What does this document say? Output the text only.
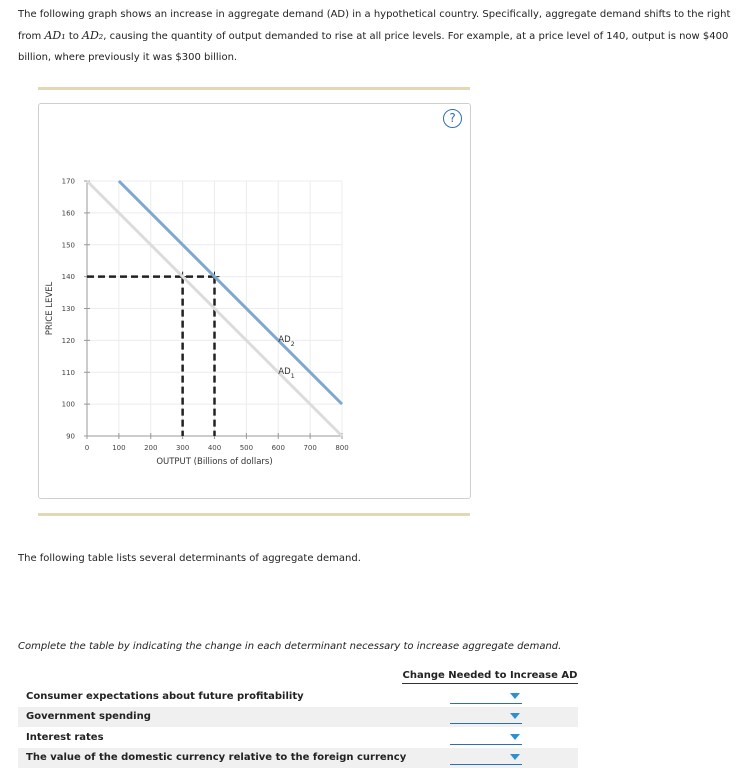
The following graph shows an increase in aggregate demand (AD) in a hypothetical country. Specifically, aggregate demand shifts to the right from AD₁ to AD₂, causing the quantity of output demanded to rise at all price levels. For example, at a price level of 140, output is now $400 billion, where previously it was $300 billion.
?
90
100
110
120
130
140
150
160
170
0	100	200	300	400	500	600	700	800
PRICE LEVEL
OUTPUT (Billions of dollars)
$AD_2$
$AD_1$
The following table lists several determinants of aggregate demand.
Complete the table by indicating the change in each determinant necessary to increase aggregate demand.
Change Needed to Increase AD
Consumer expectations about future profitability
Government spending
Interest rates
The value of the domestic currency relative to the foreign currency
